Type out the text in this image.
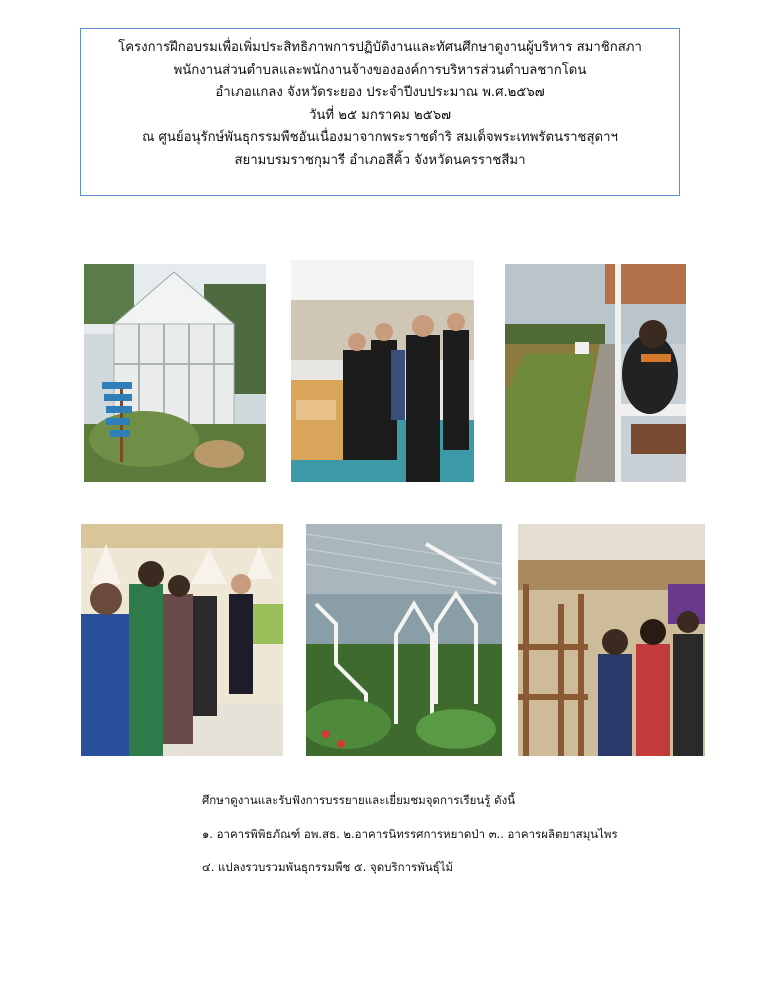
โครงการฝึกอบรมเพื่อเพิ่มประสิทธิภาพการปฏิบัติงานและทัศนศึกษาดูงานผู้บริหาร สมาชิกสภา
พนักงานส่วนตำบลและพนักงานจ้างขององค์การบริหารส่วนตำบลชากโดน
อำเภอแกลง จังหวัดระยอง ประจำปีงบประมาณ พ.ศ.๒๕๖๗
วันที่ ๒๕ มกราคม ๒๕๖๗
ณ ศูนย์อนุรักษ์พันธุกรรมพืชอันเนื่องมาจากพระราชดำริ สมเด็จพระเทพรัตนราชสุดาฯ
สยามบรมราชกุมารี อำเภอสีคิ้ว จังหวัดนครราชสีมา
ศึกษาดูงานและรับฟังการบรรยายและเยี่ยมชมจุดการเรียนรู้ ดังนี้
๑. อาคารพิพิธภัณฑ์ อพ.สธ. ๒.อาคารนิทรรศการหยาดป่า ๓.. อาคารผลิตยาสมุนไพร
๔. แปลงรวบรวมพันธุกรรมพืช ๕. จุดบริการพันธุ์ไม้
